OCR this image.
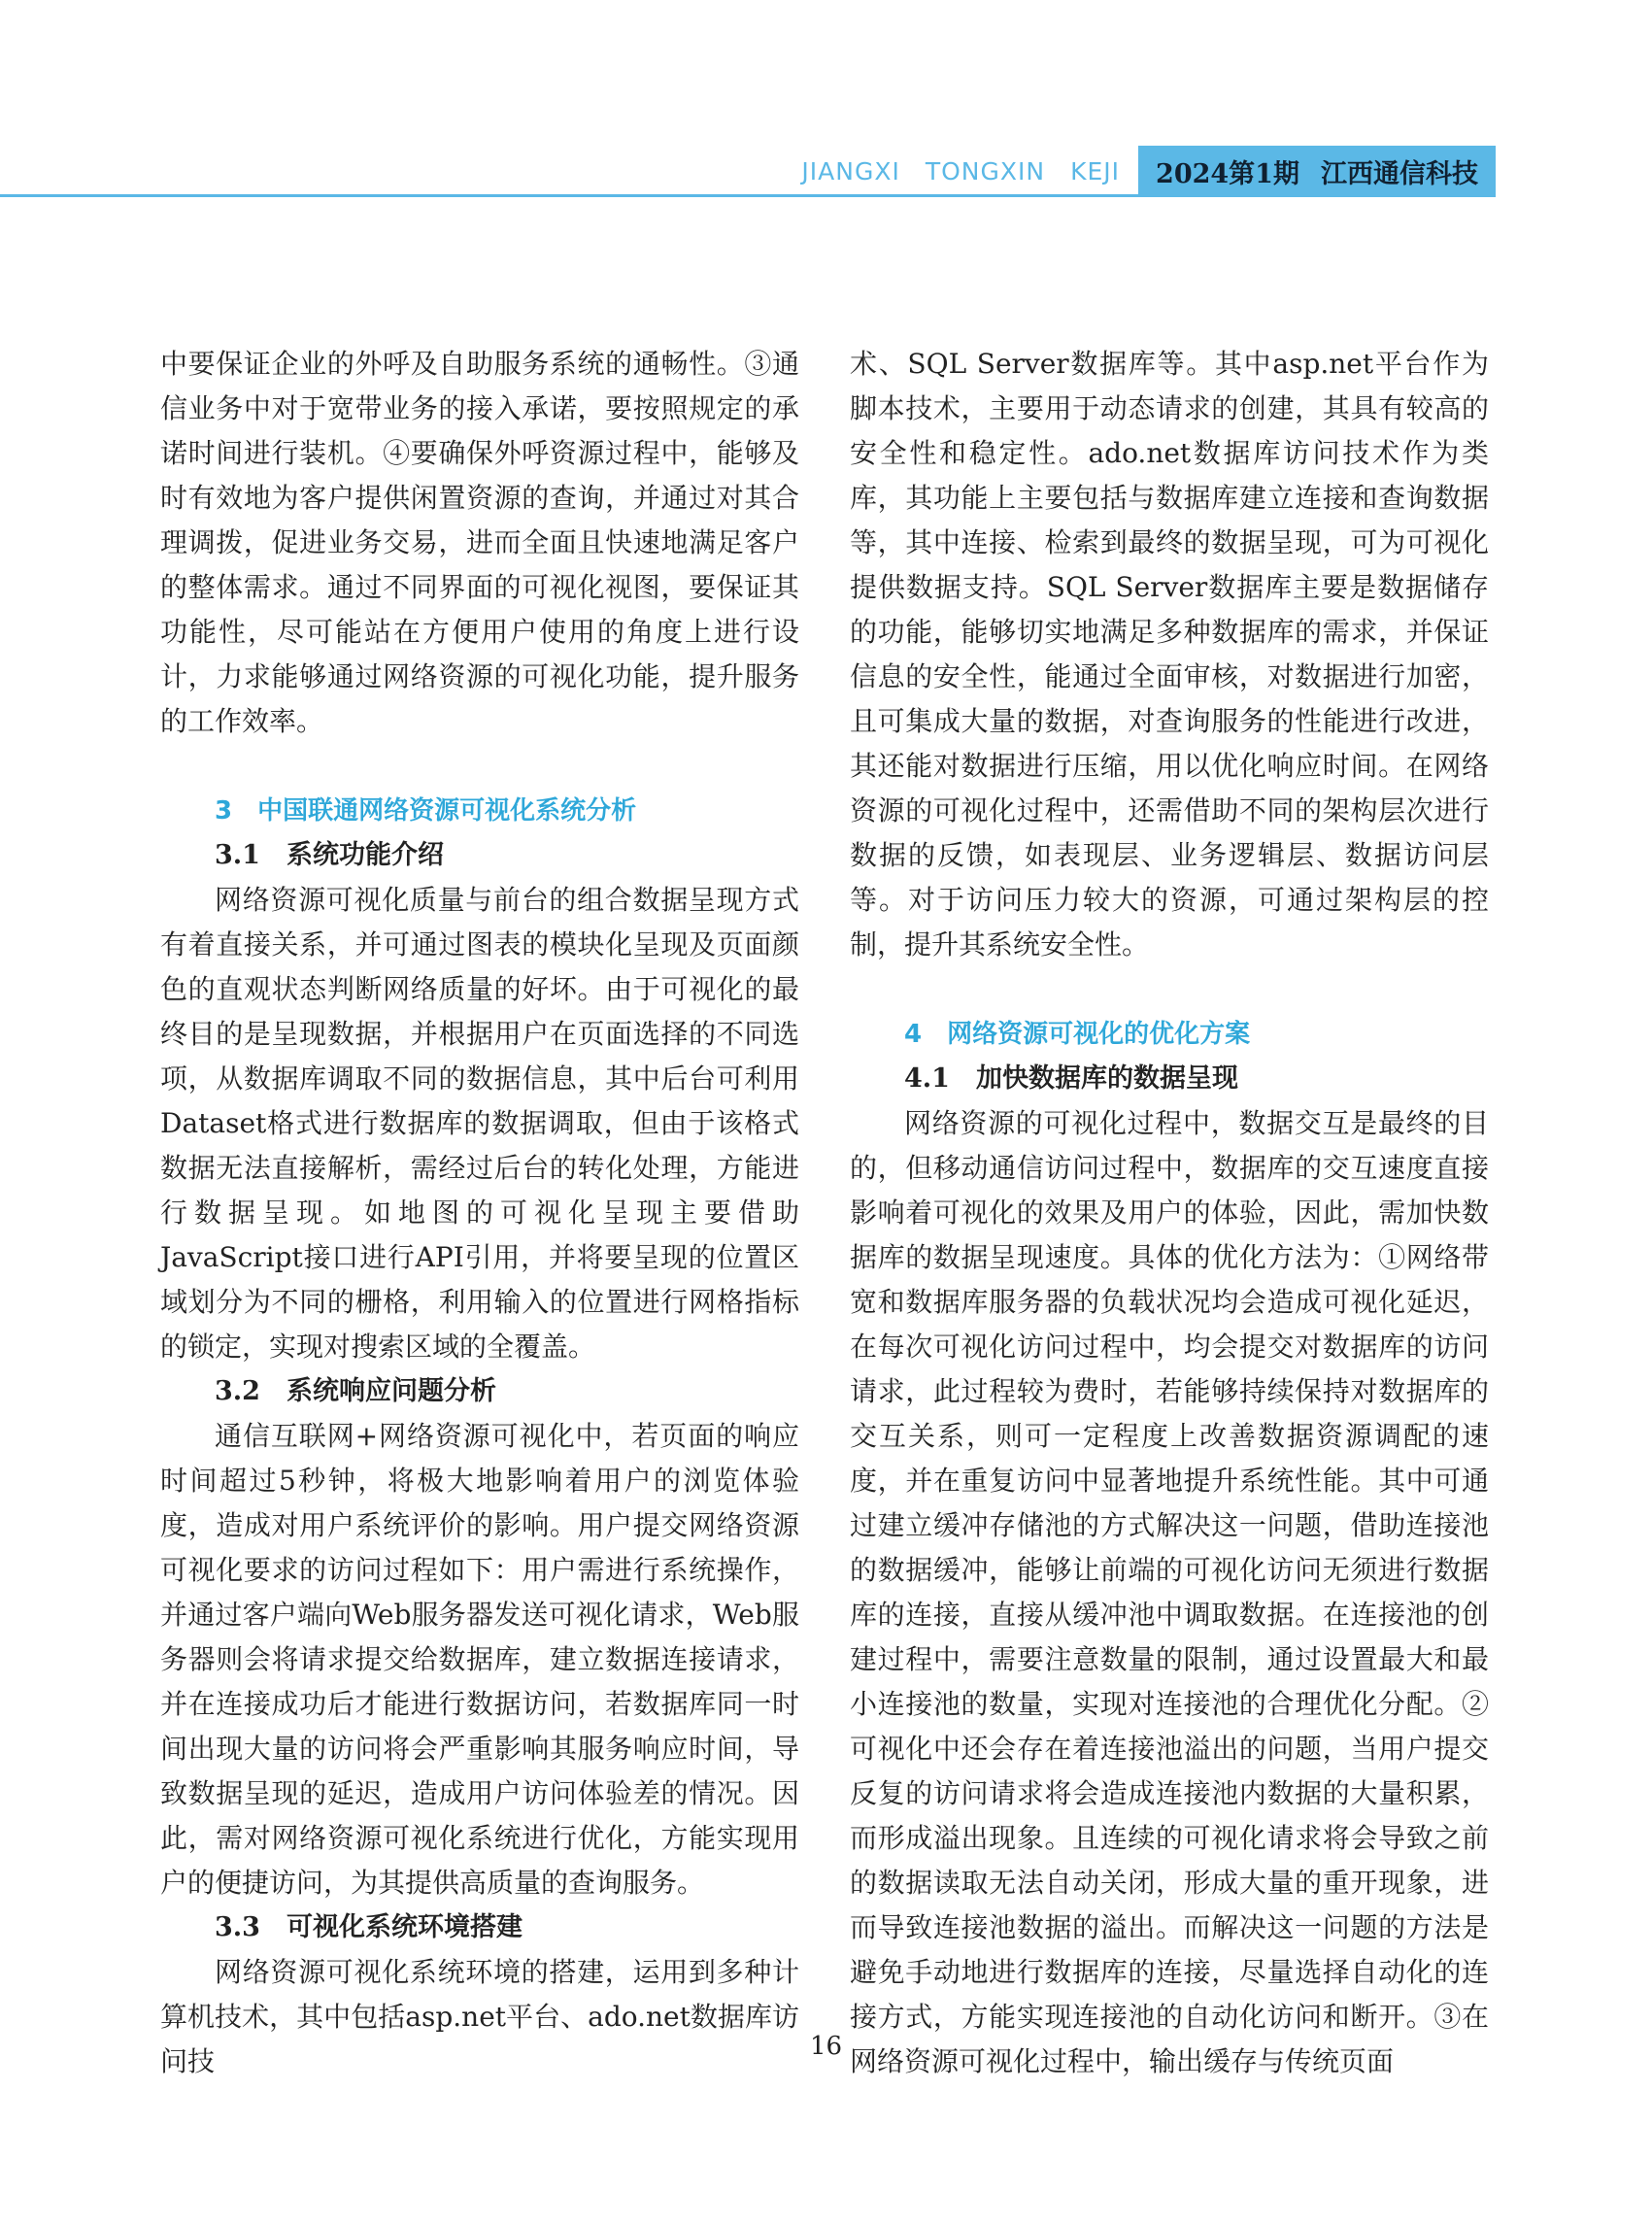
JIANGXI TONGXIN KEJI 2024第1期 江西通信科技

中要保证企业的外呼及自助服务系统的通畅性。③通信业务中对于宽带业务的接入承诺，要按照规定的承诺时间进行装机。④要确保外呼资源过程中，能够及时有效地为客户提供闲置资源的查询，并通过对其合理调拨，促进业务交易，进而全面且快速地满足客户的整体需求。通过不同界面的可视化视图，要保证其功能性，尽可能站在方便用户使用的角度上进行设计，力求能够通过网络资源的可视化功能，提升服务的工作效率。

3　中国联通网络资源可视化系统分析

3.1　系统功能介绍

网络资源可视化质量与前台的组合数据呈现方式有着直接关系，并可通过图表的模块化呈现及页面颜色的直观状态判断网络质量的好坏。由于可视化的最终目的是呈现数据，并根据用户在页面选择的不同选项，从数据库调取不同的数据信息，其中后台可利用Dataset格式进行数据库的数据调取，但由于该格式数据无法直接解析，需经过后台的转化处理，方能进行数据呈现。如地图的可视化呈现主要借助JavaScript接口进行API引用，并将要呈现的位置区域划分为不同的栅格，利用输入的位置进行网格指标的锁定，实现对搜索区域的全覆盖。

3.2　系统响应问题分析

通信互联网+网络资源可视化中，若页面的响应时间超过5秒钟，将极大地影响着用户的浏览体验度，造成对用户系统评价的影响。用户提交网络资源可视化要求的访问过程如下：用户需进行系统操作，并通过客户端向Web服务器发送可视化请求，Web服务器则会将请求提交给数据库，建立数据连接请求，并在连接成功后才能进行数据访问，若数据库同一时间出现大量的访问将会严重影响其服务响应时间，导致数据呈现的延迟，造成用户访问体验差的情况。因此，需对网络资源可视化系统进行优化，方能实现用户的便捷访问，为其提供高质量的查询服务。

3.3　可视化系统环境搭建

网络资源可视化系统环境的搭建，运用到多种计算机技术，其中包括asp.net平台、ado.net数据库访问技

术、SQL Server数据库等。其中asp.net平台作为脚本技术，主要用于动态请求的创建，其具有较高的安全性和稳定性。ado.net数据库访问技术作为类库，其功能上主要包括与数据库建立连接和查询数据等，其中连接、检索到最终的数据呈现，可为可视化提供数据支持。SQL Server数据库主要是数据储存的功能，能够切实地满足多种数据库的需求，并保证信息的安全性，能通过全面审核，对数据进行加密，且可集成大量的数据，对查询服务的性能进行改进，其还能对数据进行压缩，用以优化响应时间。在网络资源的可视化过程中，还需借助不同的架构层次进行数据的反馈，如表现层、业务逻辑层、数据访问层等。对于访问压力较大的资源，可通过架构层的控制，提升其系统安全性。

4　网络资源可视化的优化方案

4.1　加快数据库的数据呈现

网络资源的可视化过程中，数据交互是最终的目的，但移动通信访问过程中，数据库的交互速度直接影响着可视化的效果及用户的体验，因此，需加快数据库的数据呈现速度。具体的优化方法为：①网络带宽和数据库服务器的负载状况均会造成可视化延迟，在每次可视化访问过程中，均会提交对数据库的访问请求，此过程较为费时，若能够持续保持对数据库的交互关系，则可一定程度上改善数据资源调配的速度，并在重复访问中显著地提升系统性能。其中可通过建立缓冲存储池的方式解决这一问题，借助连接池的数据缓冲，能够让前端的可视化访问无须进行数据库的连接，直接从缓冲池中调取数据。在连接池的创建过程中，需要注意数量的限制，通过设置最大和最小连接池的数量，实现对连接池的合理优化分配。②可视化中还会存在着连接池溢出的问题，当用户提交反复的访问请求将会造成连接池内数据的大量积累，而形成溢出现象。且连续的可视化请求将会导致之前的数据读取无法自动关闭，形成大量的重开现象，进而导致连接池数据的溢出。而解决这一问题的方法是避免手动地进行数据库的连接，尽量选择自动化的连接方式，方能实现连接池的自动化访问和断开。③在网络资源可视化过程中，输出缓存与传统页面

16
